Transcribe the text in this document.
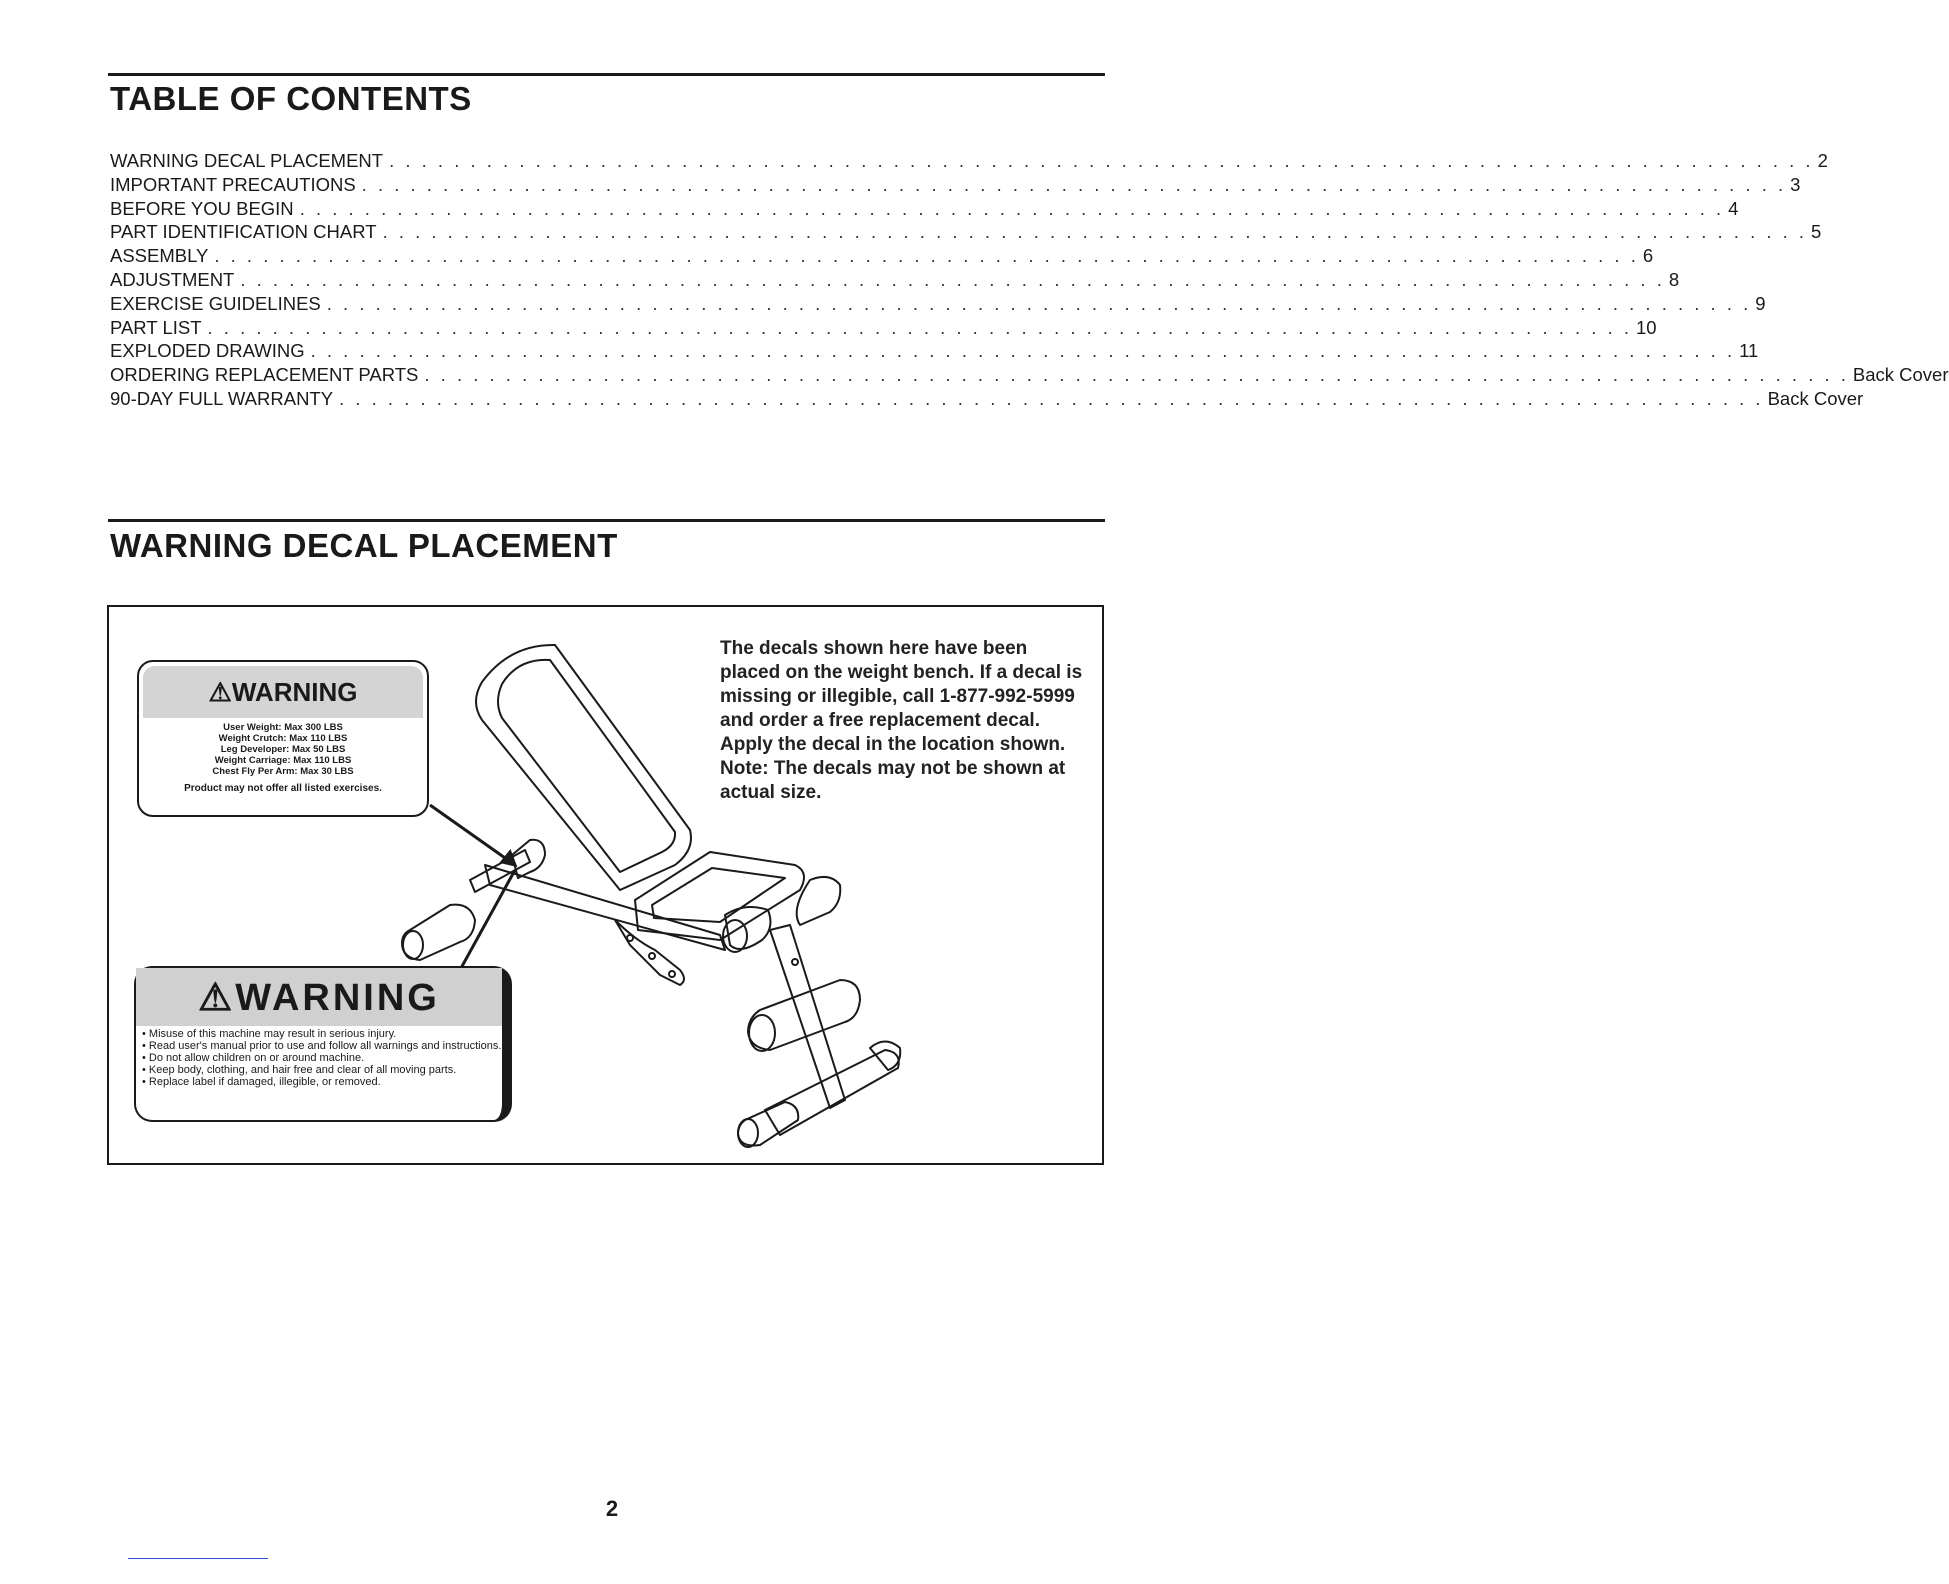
TABLE OF CONTENTS
WARNING DECAL PLACEMENT . . . . . . . . . . . . . . . . . . . . . . . . . . . . . . . . . . . . . . . . . . . . . . . . . . . . . . . . . . . . . . . . . . . . . . . . . . . . . . . . . . . . . . . . 2
IMPORTANT PRECAUTIONS . . . . . . . . . . . . . . . . . . . . . . . . . . . . . . . . . . . . . . . . . . . . . . . . . . . . . . . . . . . . . . . . . . . . . . . . . . . . . . . . . . . . . . . . 3
BEFORE YOU BEGIN . . . . . . . . . . . . . . . . . . . . . . . . . . . . . . . . . . . . . . . . . . . . . . . . . . . . . . . . . . . . . . . . . . . . . . . . . . . . . . . . . . . . . . . . 4
PART IDENTIFICATION CHART . . . . . . . . . . . . . . . . . . . . . . . . . . . . . . . . . . . . . . . . . . . . . . . . . . . . . . . . . . . . . . . . . . . . . . . . . . . . . . . . . . . . . . . . 5
ASSEMBLY . . . . . . . . . . . . . . . . . . . . . . . . . . . . . . . . . . . . . . . . . . . . . . . . . . . . . . . . . . . . . . . . . . . . . . . . . . . . . . . . . . . . . . . . 6
ADJUSTMENT . . . . . . . . . . . . . . . . . . . . . . . . . . . . . . . . . . . . . . . . . . . . . . . . . . . . . . . . . . . . . . . . . . . . . . . . . . . . . . . . . . . . . . . . 8
EXERCISE GUIDELINES . . . . . . . . . . . . . . . . . . . . . . . . . . . . . . . . . . . . . . . . . . . . . . . . . . . . . . . . . . . . . . . . . . . . . . . . . . . . . . . . . . . . . . . . 9
PART LIST . . . . . . . . . . . . . . . . . . . . . . . . . . . . . . . . . . . . . . . . . . . . . . . . . . . . . . . . . . . . . . . . . . . . . . . . . . . . . . . . . . . . . . . . 10
EXPLODED DRAWING . . . . . . . . . . . . . . . . . . . . . . . . . . . . . . . . . . . . . . . . . . . . . . . . . . . . . . . . . . . . . . . . . . . . . . . . . . . . . . . . . . . . . . . . 11
ORDERING REPLACEMENT PARTS . . . . . . . . . . . . . . . . . . . . . . . . . . . . . . . . . . . . . . . . . . . . . . . . . . . . . . . . . . . . . . . . . . . . . . . . . . . . . . . . . . . . . . . . Back Cover
90-DAY FULL WARRANTY . . . . . . . . . . . . . . . . . . . . . . . . . . . . . . . . . . . . . . . . . . . . . . . . . . . . . . . . . . . . . . . . . . . . . . . . . . . . . . . . . . . . . . . . Back Cover
WARNING DECAL PLACEMENT

The decals shown here have been placed on the weight bench. If a decal is missing or illegible, call 1-877-992-5999 and order a free replacement decal. Apply the decal in the location shown. Note: The decals may not be shown at actual size.

⚠WARNING
User Weight: Max 300 LBS
Weight Crutch: Max 110 LBS
Leg Developer: Max 50 LBS
Weight Carriage: Max 110 LBS
Chest Fly Per Arm: Max 30 LBS
Product may not offer all listed exercises.
⚠WARNING
• Misuse of this machine may result in serious injury.
• Read user's manual prior to use and follow all warnings and instructions.
• Do not allow children on or around machine.
• Keep body, clothing, and hair free and clear of all moving parts.
• Replace label if damaged, illegible, or removed.

2
